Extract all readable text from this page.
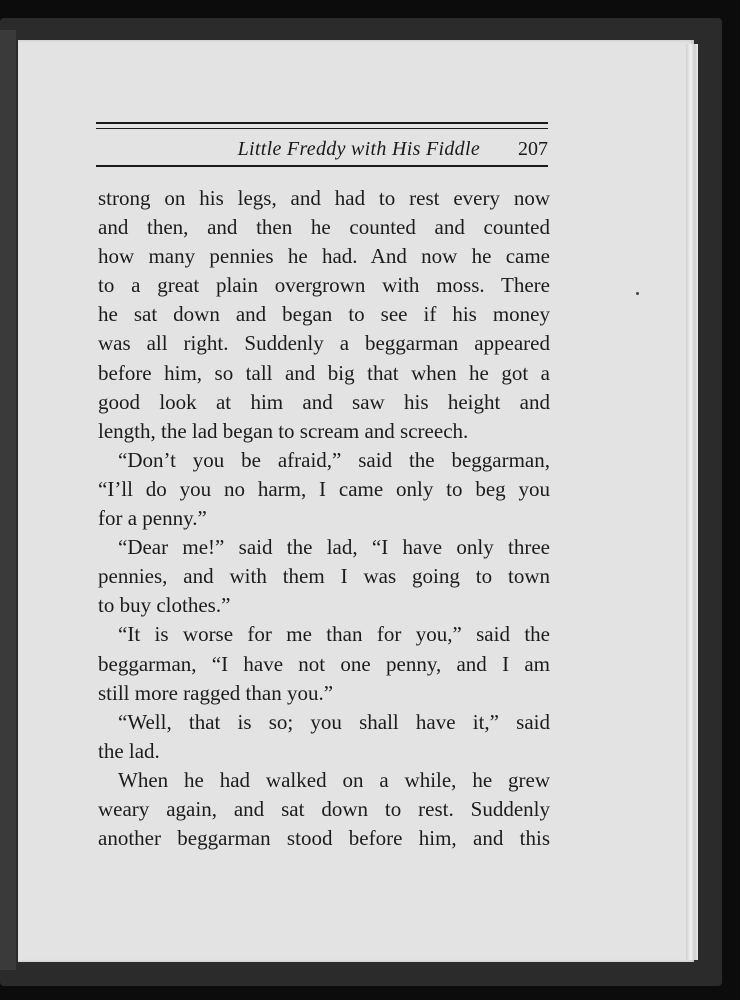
Little Freddy with His Fiddle 207
strong on his legs, and had to rest every now
and then, and then he counted and counted
how many pennies he had. And now he came
to a great plain overgrown with moss. There
he sat down and began to see if his money
was all right. Suddenly a beggarman appeared
before him, so tall and big that when he got a
good look at him and saw his height and
length, the lad began to scream and screech.
“Don’t you be afraid,” said the beggarman,
“I’ll do you no harm, I came only to beg you
for a penny.”
“Dear me!” said the lad, “I have only three
pennies, and with them I was going to town
to buy clothes.”
“It is worse for me than for you,” said the
beggarman, “I have not one penny, and I am
still more ragged than you.”
“Well, that is so; you shall have it,” said
the lad.
When he had walked on a while, he grew
weary again, and sat down to rest. Suddenly
another beggarman stood before him, and this
